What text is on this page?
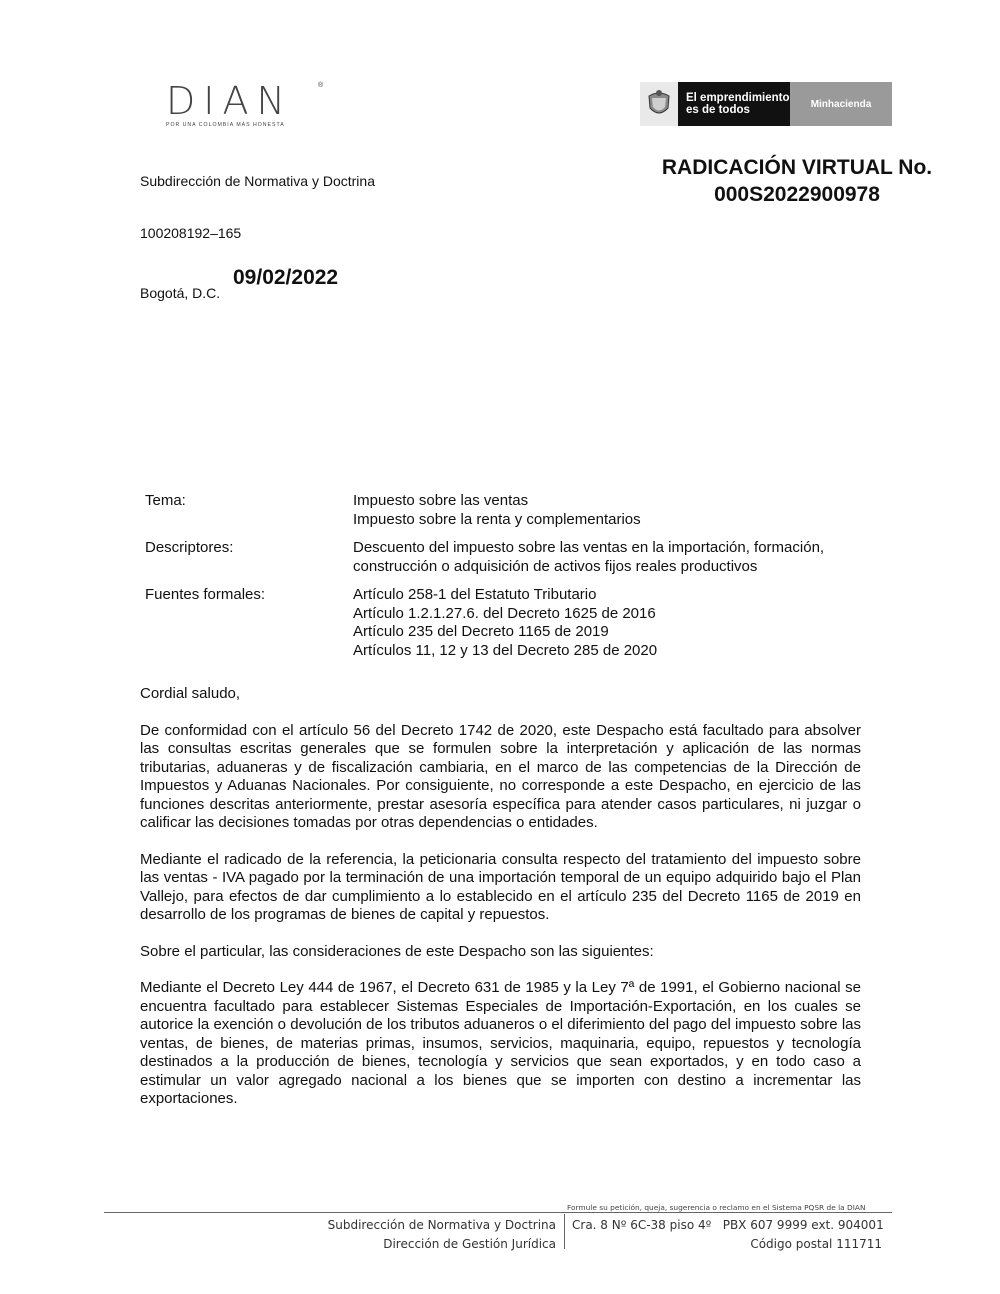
DIAN	®
POR UNA COLOMBIA MÁS HONESTA
El emprendimiento
es de todos	Minhacienda
RADICACIÓN VIRTUAL No.
000S2022900978
Subdirección de Normativa y Doctrina
100208192–165
Bogotá, D.C.
09/02/2022
Tema:	Impuesto sobre las ventas
Impuesto sobre la renta y complementarios
Descriptores:	Descuento del impuesto sobre las ventas en la importación, formación,
construcción o adquisición de activos fijos reales productivos
Fuentes formales:	Artículo 258-1 del Estatuto Tributario
Artículo 1.2.1.27.6. del Decreto 1625 de 2016
Artículo 235 del Decreto 1165 de 2019
Artículos 11, 12 y 13 del Decreto 285 de 2020

Cordial saludo,

De conformidad con el artículo 56 del Decreto 1742 de 2020, este Despacho está facultado para absolver las consultas escritas generales que se formulen sobre la interpretación y aplicación de las normas tributarias, aduaneras y de fiscalización cambiaria, en el marco de las competencias de la Dirección de Impuestos y Aduanas Nacionales. Por consiguiente, no corresponde a este Despacho, en ejercicio de las funciones descritas anteriormente, prestar asesoría específica para atender casos particulares, ni juzgar o calificar las decisiones tomadas por otras dependencias o entidades.

Mediante el radicado de la referencia, la peticionaria consulta respecto del tratamiento del impuesto sobre las ventas - IVA pagado por la terminación de una importación temporal de un equipo adquirido bajo el Plan Vallejo, para efectos de dar cumplimiento a lo establecido en el artículo 235 del Decreto 1165 de 2019 en desarrollo de los programas de bienes de capital y repuestos.

Sobre el particular, las consideraciones de este Despacho son las siguientes:

Mediante el Decreto Ley 444 de 1967, el Decreto 631 de 1985 y la Ley 7ª de 1991, el Gobierno nacional se encuentra facultado para establecer Sistemas Especiales de Importación-Exportación, en los cuales se autorice la exención o devolución de los tributos aduaneros o el diferimiento del pago del impuesto sobre las ventas, de bienes, de materias primas, insumos, servicios, maquinaria, equipo, repuestos y tecnología destinados a la producción de bienes, tecnología y servicios que sean exportados, y en todo caso a estimular un valor agregado nacional a los bienes que se importen con destino a incrementar las exportaciones.

Formule su petición, queja, sugerencia o reclamo en el Sistema PQSR de la DIAN
Subdirección de Normativa y Doctrina
Dirección de Gestión Jurídica
Cra. 8 Nº 6C-38 piso 4º   PBX 607 9999 ext. 904001
Código postal 111711
